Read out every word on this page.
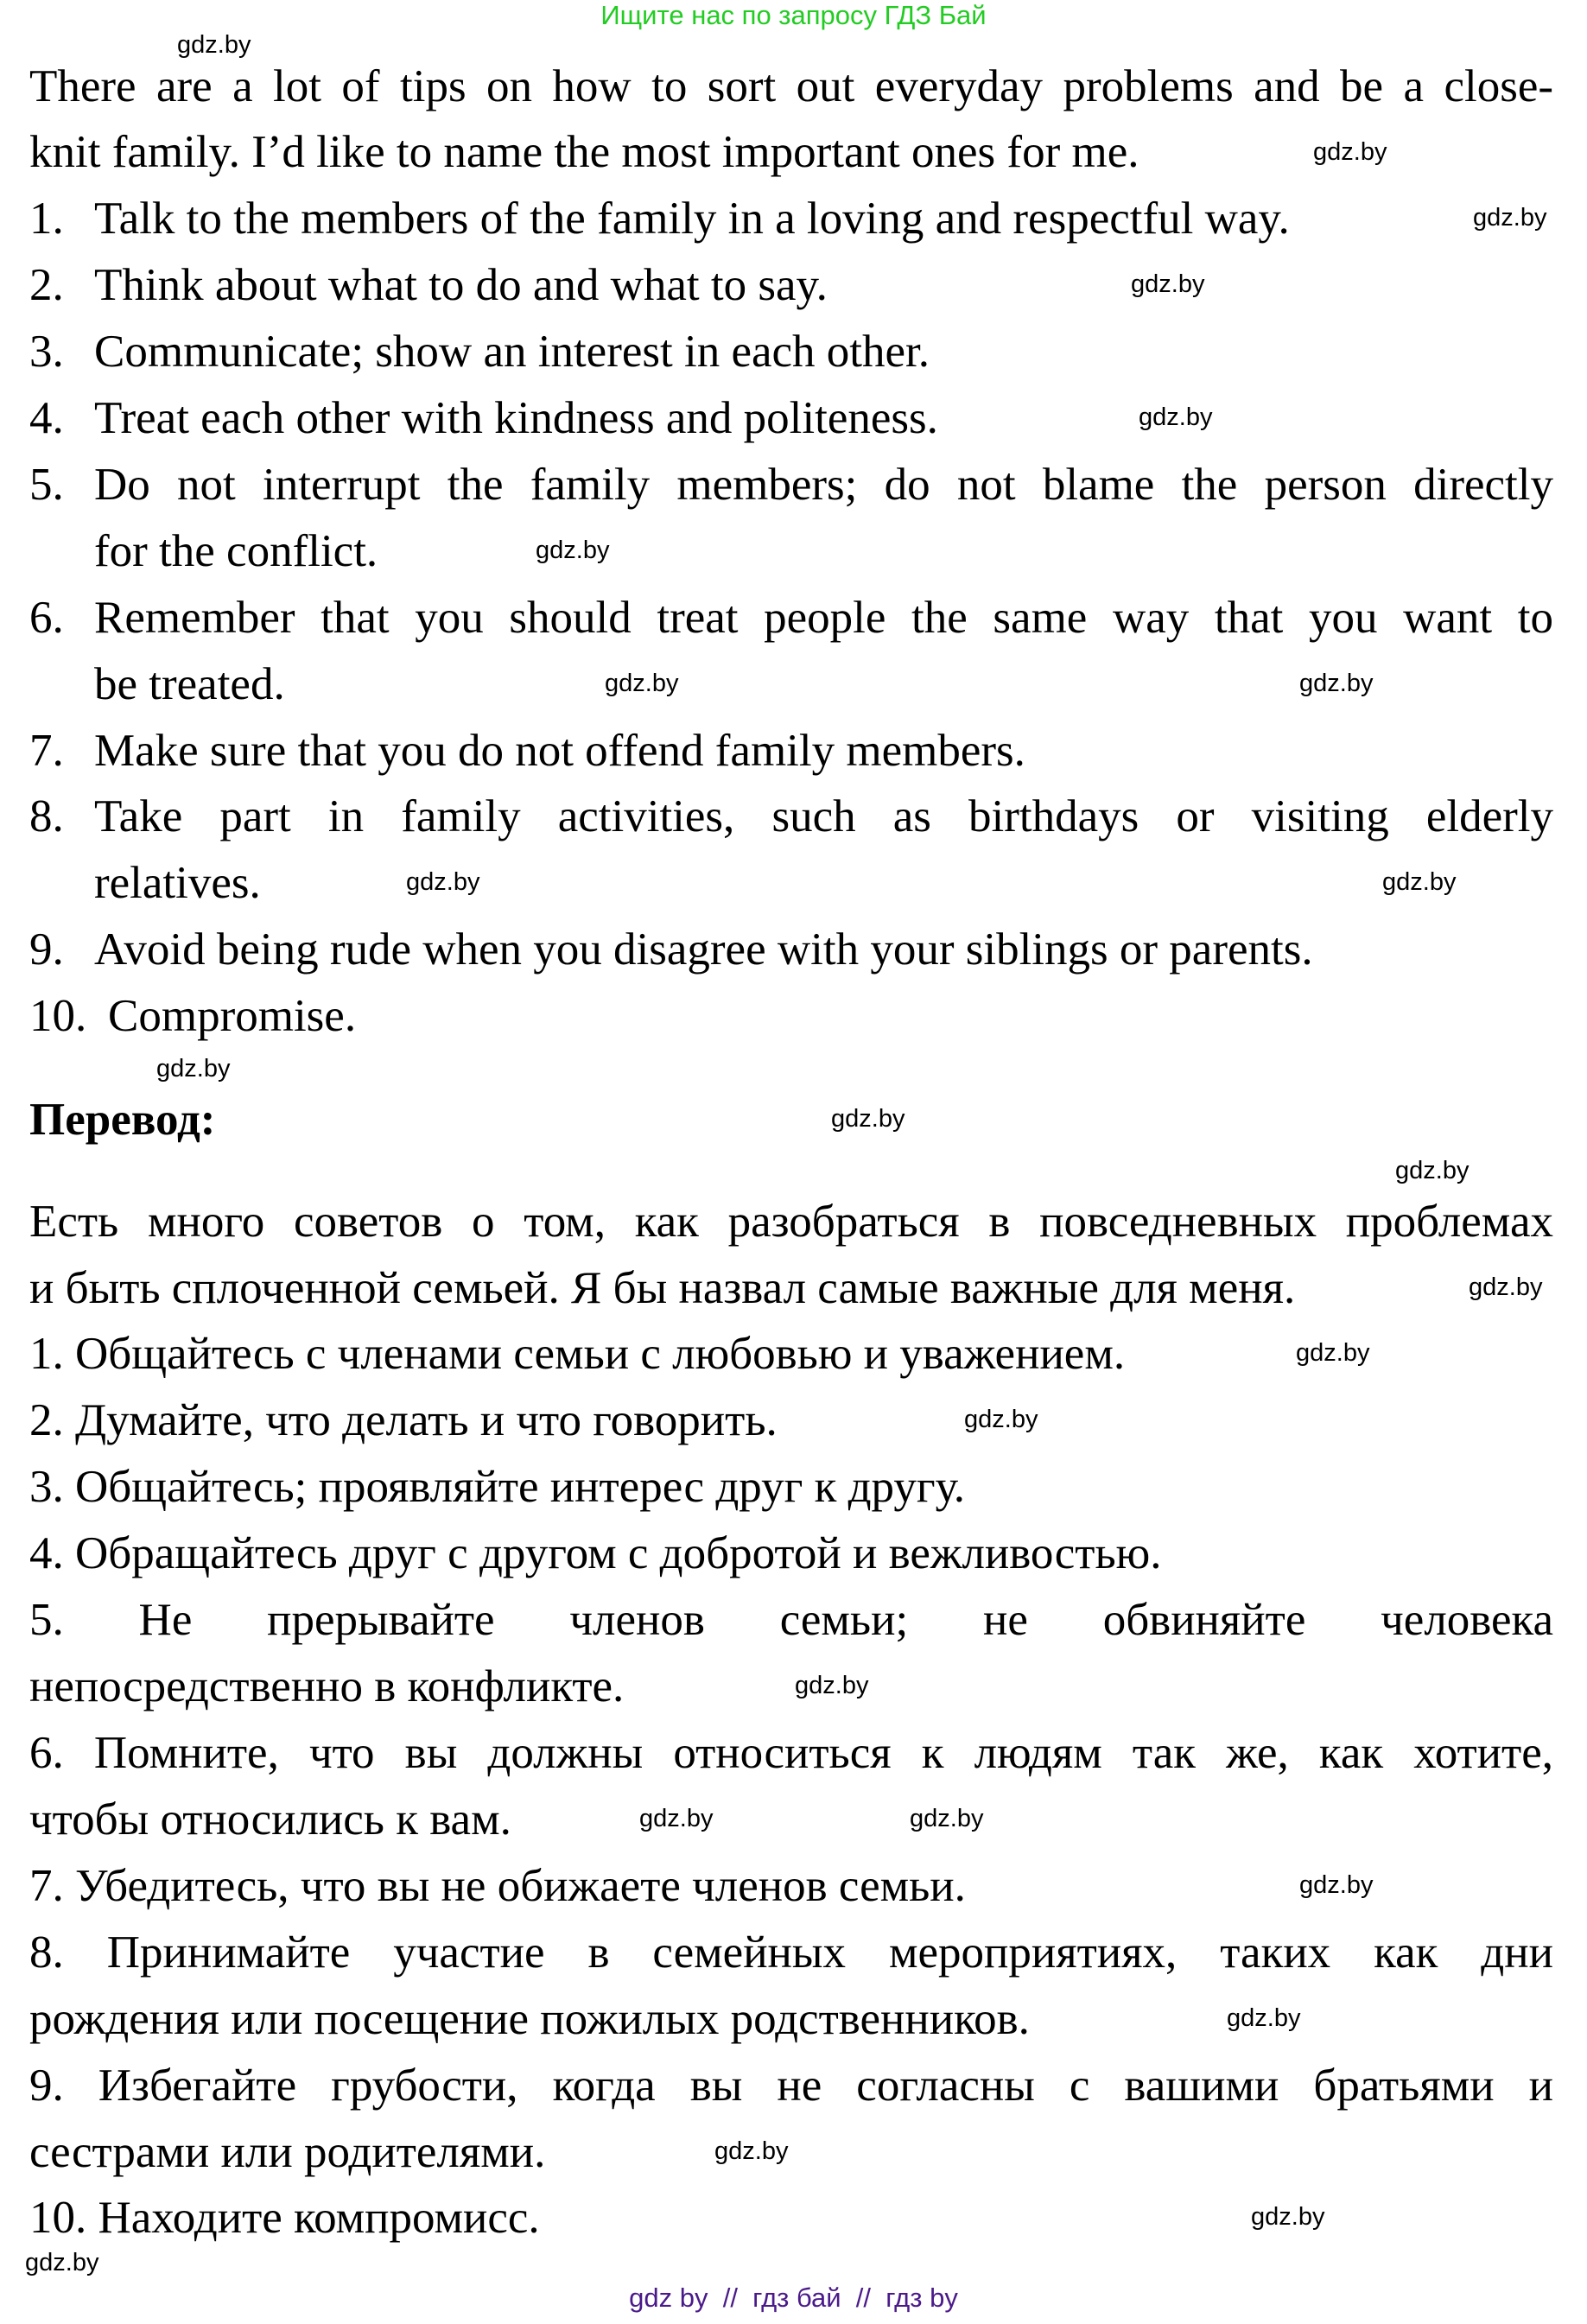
Ищите нас по запросу ГДЗ Бай
There are a lot of tips on how to sort out everyday problems and be a close-
knit family. I’d like to name the most important ones for me.
1. Talk to the members of the family in a loving and respectful way.
2. Think about what to do and what to say.
3. Communicate; show an interest in each other.
4. Treat each other with kindness and politeness.
5. Do not interrupt the family members; do not blame the person directly
for the conflict.
6. Remember that you should treat people the same way that you want to
be treated.
7. Make sure that you do not offend family members.
8. Take part in family activities, such as birthdays or visiting elderly
relatives.
9. Avoid being rude when you disagree with your siblings or parents.
10. Compromise.
Перевод:
Есть много советов о том, как разобраться в повседневных проблемах
и быть сплоченной семьей. Я бы назвал самые важные для меня.
1. Общайтесь с членами семьи с любовью и уважением.
2. Думайте, что делать и что говорить.
3. Общайтесь; проявляйте интерес друг к другу.
4. Обращайтесь друг с другом с добротой и вежливостью.
5. Не прерывайте членов семьи; не обвиняйте человека
непосредственно в конфликте.
6. Помните, что вы должны относиться к людям так же, как хотите,
чтобы относились к вам.
7. Убедитесь, что вы не обижаете членов семьи.
8. Принимайте участие в семейных мероприятиях, таких как дни
рождения или посещение пожилых родственников.
9. Избегайте грубости, когда вы не согласны с вашими братьями и
сестрами или родителями.
10. Находите компромисс.
gdz.by
gdz.by
gdz.by
gdz.by
gdz.by
gdz.by
gdz.by	gdz.by
gdz.by	gdz.by
gdz.by
gdz.by
gdz.by
gdz.by
gdz.by
gdz.by
gdz.by
gdz.by	gdz.by
gdz.by
gdz.by
gdz.by
gdz.by
gdz.by
gdz by  //  гдз бай  //  гдз by
